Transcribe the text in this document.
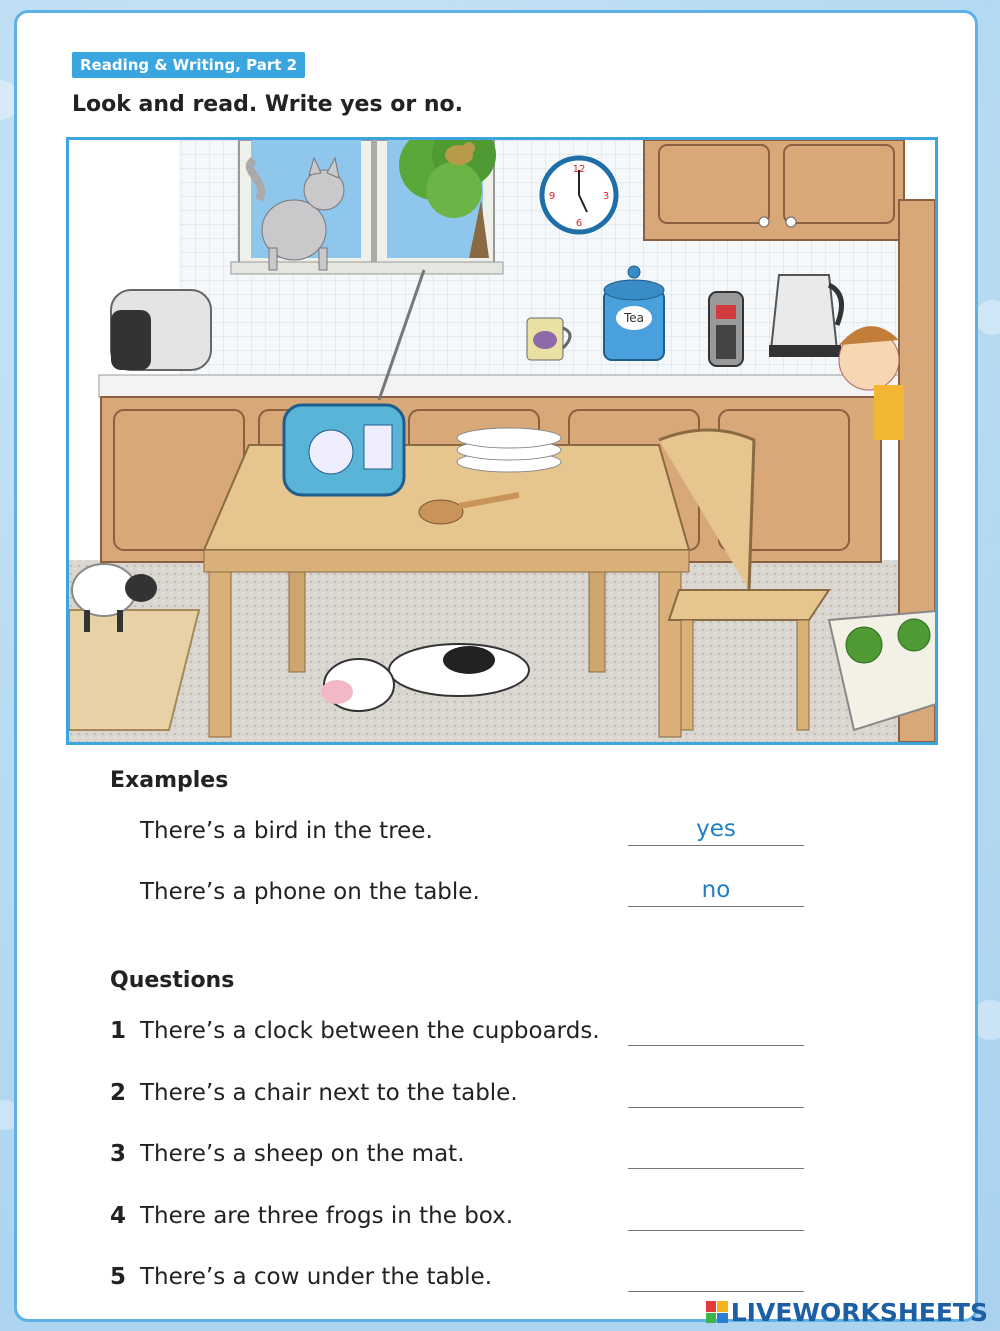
Reading & Writing, Part 2
Look and read. Write yes or no.
12
3
6
9
Tea
Examples
There’s a bird in the tree.	yes
There’s a phone on the table.	no
Questions
1 There’s a clock between the cupboards.
2 There’s a chair next to the table.
3 There’s a sheep on the mat.
4 There are three frogs in the box.
5 There’s a cow under the table.
LIVEWORKSHEETS
